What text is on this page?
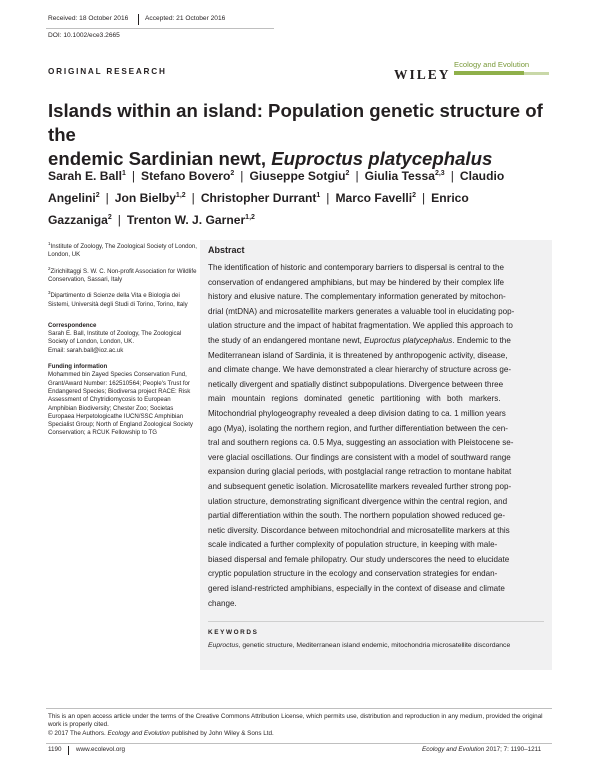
Received: 18 October 2016	Accepted: 21 October 2016
DOI: 10.1002/ece3.2665
ORIGINAL RESEARCH	WILEY
Ecology and Evolution
Islands within an island: Population genetic structure of the
endemic Sardinian newt, Euproctus platycephalus
Sarah E. Ball$^1$ | Stefano Bovero$^2$ | Giuseppe Sotgiu$^2$ | Giulia Tessa$^{2,3}$ | Claudio Angelini$^2$ | Jon Bielby$^{1,2}$ | Christopher Durrant$^1$ | Marco Favelli$^2$ | Enrico Gazzaniga$^2$ | Trenton W. J. Garner$^{1,2}$
$^1$Institute of Zoology, The Zoological Society of London, London, UK
$^2$Zirichiltaggi S. W. C. Non-profit Association for Wildlife Conservation, Sassari, Italy
$^3$Dipartimento di Scienze della Vita e Biologia dei Sistemi, Università degli Studi di Torino, Torino, Italy
Correspondence
Sarah E. Ball, Institute of Zoology, The Zoological Society of London, London, UK.
Email: sarah.ball@ioz.ac.uk
Funding information
Mohammed bin Zayed Species Conservation Fund, Grant/Award Number: 162510564; People's Trust for Endangered Species; Biodiversa project RACE: Risk Assessment of Chytridiomycosis to European Amphibian Biodiversity; Chester Zoo; Societas Europaea Herpetologicathe IUCN/SSC Amphibian Specialist Group; North of England Zoological Society Conservation; a RCUK Fellowship to TG
Abstract
The identification of historic and contemporary barriers to dispersal is central to the
conservation of endangered amphibians, but may be hindered by their complex life
history and elusive nature. The complementary information generated by mitochon-
drial (mtDNA) and microsatellite markers generates a valuable tool in elucidating pop-
ulation structure and the impact of habitat fragmentation. We applied this approach to
the study of an endangered montane newt, Euproctus platycephalus. Endemic to the
Mediterranean island of Sardinia, it is threatened by anthropogenic activity, disease,
and climate change. We have demonstrated a clear hierarchy of structure across ge-
netically divergent and spatially distinct subpopulations. Divergence between three
main mountain regions dominated genetic partitioning with both markers.
Mitochondrial phylogeography revealed a deep division dating to ca. 1 million years
ago (Mya), isolating the northern region, and further differentiation between the cen-
tral and southern regions ca. 0.5 Mya, suggesting an association with Pleistocene se-
vere glacial oscillations. Our findings are consistent with a model of southward range
expansion during glacial periods, with postglacial range retraction to montane habitat
and subsequent genetic isolation. Microsatellite markers revealed further strong pop-
ulation structure, demonstrating significant divergence within the central region, and
partial differentiation within the south. The northern population showed reduced ge-
netic diversity. Discordance between mitochondrial and microsatellite markers at this
scale indicated a further complexity of population structure, in keeping with male-
biased dispersal and female philopatry. Our study underscores the need to elucidate
cryptic population structure in the ecology and conservation strategies for endan-
gered island-restricted amphibians, especially in the context of disease and climate
change.
KEYWORDS
Euproctus, genetic structure, Mediterranean island endemic, mitochondria microsatellite discordance
This is an open access article under the terms of the Creative Commons Attribution License, which permits use, distribution and reproduction in any medium, provided the original work is properly cited.
© 2017 The Authors. Ecology and Evolution published by John Wiley & Sons Ltd.
1190 www.ecolevol.org	Ecology and Evolution 2017; 7: 1190–1211
